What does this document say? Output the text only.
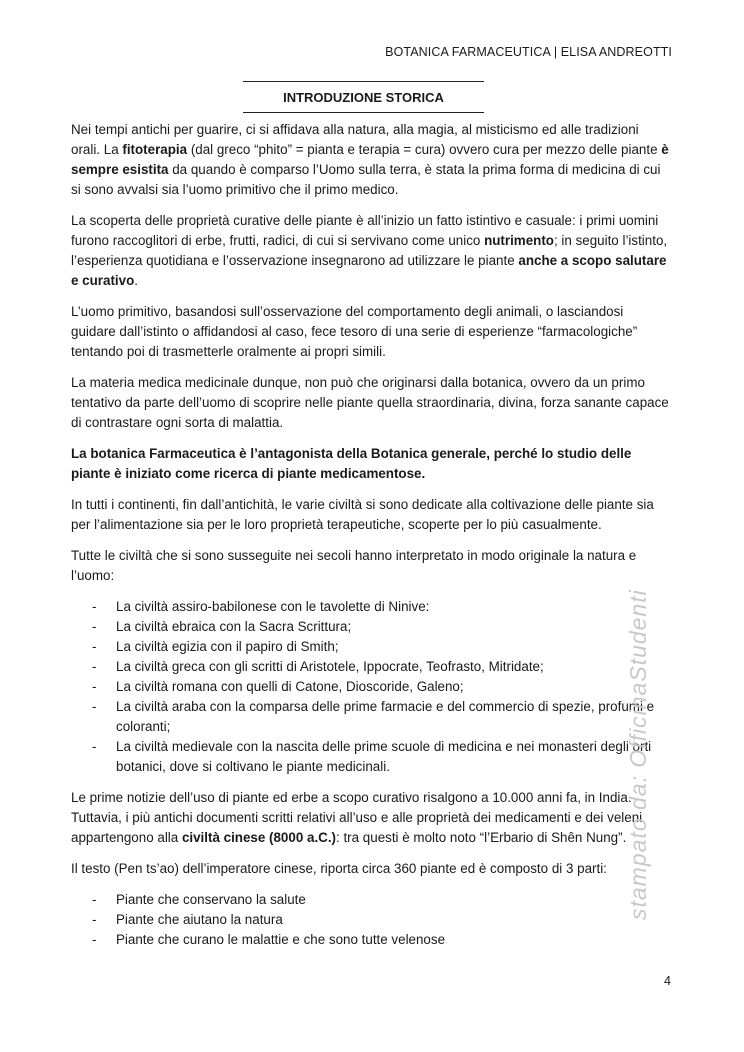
BOTANICA FARMACEUTICA | ELISA ANDREOTTI
INTRODUZIONE STORICA

Nei tempi antichi per guarire, ci si affidava alla natura, alla magia, al misticismo ed alle tradizioni orali. La fitoterapia (dal greco “phito” = pianta e terapia = cura) ovvero cura per mezzo delle piante è sempre esistita da quando è comparso l’Uomo sulla terra, è stata la prima forma di medicina di cui si sono avvalsi sia l’uomo primitivo che il primo medico.

La scoperta delle proprietà curative delle piante è all’inizio un fatto istintivo e casuale: i primi uomini furono raccoglitori di erbe, frutti, radici, di cui si servivano come unico nutrimento; in seguito l’istinto, l’esperienza quotidiana e l’osservazione insegnarono ad utilizzare le piante anche a scopo salutare e curativo.

L’uomo primitivo, basandosi sull’osservazione del comportamento degli animali, o lasciandosi guidare dall’istinto o affidandosi al caso, fece tesoro di una serie di esperienze “farmacologiche” tentando poi di trasmetterle oralmente ai propri simili.

La materia medica medicinale dunque, non può che originarsi dalla botanica, ovvero da un primo tentativo da parte dell’uomo di scoprire nelle piante quella straordinaria, divina, forza sanante capace di contrastare ogni sorta di malattia.

La botanica Farmaceutica è l’antagonista della Botanica generale, perché lo studio delle piante è iniziato come ricerca di piante medicamentose.

In tutti i continenti, fin dall’antichità, le varie civiltà si sono dedicate alla coltivazione delle piante sia per l’alimentazione sia per le loro proprietà terapeutiche, scoperte per lo più casualmente.

Tutte le civiltà che si sono susseguite nei secoli hanno interpretato in modo originale la natura e l’uomo:

- La civiltà assiro-babilonese con le tavolette di Ninive:
- La civiltà ebraica con la Sacra Scrittura;
- La civiltà egizia con il papiro di Smith;
- La civiltà greca con gli scritti di Aristotele, Ippocrate, Teofrasto, Mitridate;
- La civiltà romana con quelli di Catone, Dioscoride, Galeno;
- La civiltà araba con la comparsa delle prime farmacie e del commercio di spezie, profumi e coloranti;
- La civiltà medievale con la nascita delle prime scuole di medicina e nei monasteri degli orti botanici, dove si coltivano le piante medicinali.

Le prime notizie dell’uso di piante ed erbe a scopo curativo risalgono a 10.000 anni fa, in India. Tuttavia, i più antichi documenti scritti relativi all’uso e alle proprietà dei medicamenti e dei veleni appartengono alla civiltà cinese (8000 a.C.): tra questi è molto noto “l’Erbario di Shên Nung”.

Il testo (Pen ts’ao) dell’imperatore cinese, riporta circa 360 piante ed è composto di 3 parti:

- Piante che conservano la salute
- Piante che aiutano la natura
- Piante che curano le malattie e che sono tutte velenose
stampato da: OfficinaStudenti
4
